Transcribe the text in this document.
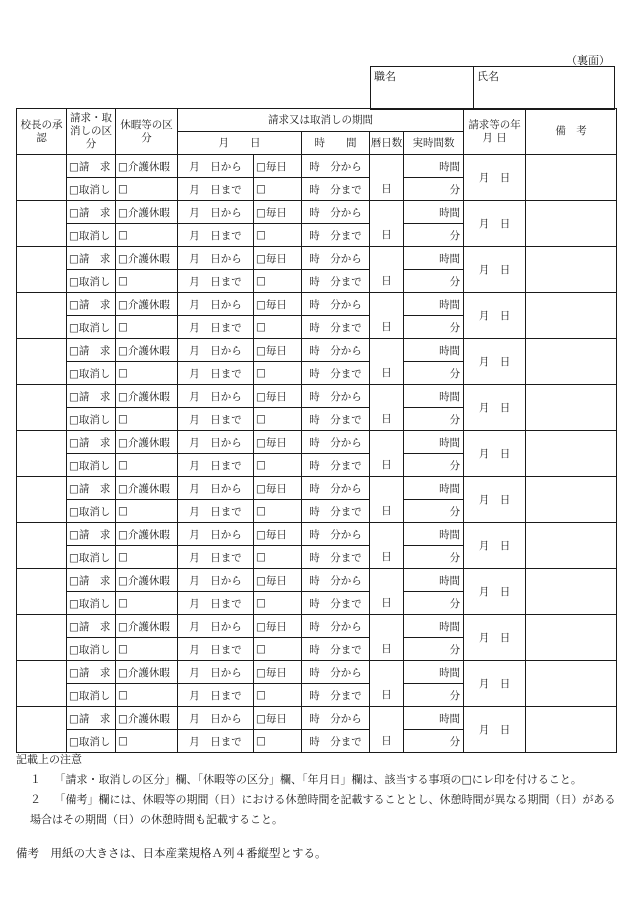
（裏面）
職名	氏名
校長の承　認	請求・取消しの区　分	休暇等の区分	請求又は取消しの期間					請求等の年 月 日	備　考
			月　　日		時　　間	暦日数	実時間数		
	□請　求	□介護休暇	月　日から	□毎日	時　分から	日	時間	月　日	
	□取消し	□	月　日まで	□	時　分まで		分		
	□請　求	□介護休暇	月　日から	□毎日	時　分から	日	時間	月　日	
	□取消し	□	月　日まで	□	時　分まで		分		
	□請　求	□介護休暇	月　日から	□毎日	時　分から	日	時間	月　日	
	□取消し	□	月　日まで	□	時　分まで		分		
	□請　求	□介護休暇	月　日から	□毎日	時　分から	日	時間	月　日	
	□取消し	□	月　日まで	□	時　分まで		分		
	□請　求	□介護休暇	月　日から	□毎日	時　分から	日	時間	月　日	
	□取消し	□	月　日まで	□	時　分まで		分		
	□請　求	□介護休暇	月　日から	□毎日	時　分から	日	時間	月　日	
	□取消し	□	月　日まで	□	時　分まで		分		
	□請　求	□介護休暇	月　日から	□毎日	時　分から	日	時間	月　日	
	□取消し	□	月　日まで	□	時　分まで		分		
	□請　求	□介護休暇	月　日から	□毎日	時　分から	日	時間	月　日	
	□取消し	□	月　日まで	□	時　分まで		分		
	□請　求	□介護休暇	月　日から	□毎日	時　分から	日	時間	月　日	
	□取消し	□	月　日まで	□	時　分まで		分		
	□請　求	□介護休暇	月　日から	□毎日	時　分から	日	時間	月　日	
	□取消し	□	月　日まで	□	時　分まで		分		
	□請　求	□介護休暇	月　日から	□毎日	時　分から	日	時間	月　日	
	□取消し	□	月　日まで	□	時　分まで		分		
	□請　求	□介護休暇	月　日から	□毎日	時　分から	日	時間	月　日	
	□取消し	□	月　日まで	□	時　分まで		分		
	□請　求	□介護休暇	月　日から	□毎日	時　分から	日	時間	月　日	
	□取消し	□	月　日まで	□	時　分まで		分		

記載上の注意

１ 「請求・取消しの区分」欄、「休暇等の区分」欄、「年月日」欄は、該当する事項の□にレ印を付けること。

２ 「備考」欄には、休暇等の期間（日）における休憩時間を記載することとし、休憩時間が異なる期間（日）がある場合はその期間（日）の休憩時間も記載すること。

備考　用紙の大きさは、日本産業規格Ａ列４番縦型とする。
